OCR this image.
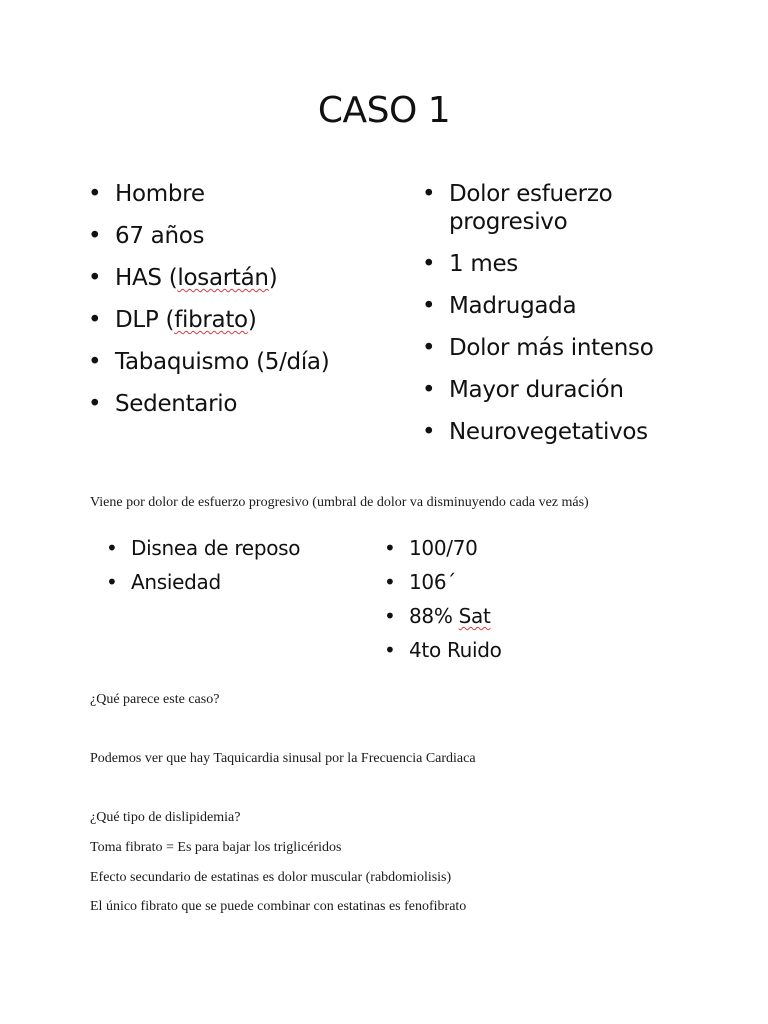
CASO 1
• Hombre
• 67 años
• HAS (losartán)
• DLP (fibrato)
• Tabaquismo (5/día)
• Sedentario
• Dolor esfuerzo progresivo
• 1 mes
• Madrugada
• Dolor más intenso
• Mayor duración
• Neurovegetativos
Viene por dolor de esfuerzo progresivo (umbral de dolor va disminuyendo cada vez más)
• Disnea de reposo
• Ansiedad
• 100/70
• 106´
• 88% Sat
• 4to Ruido
¿Qué parece este caso?
Podemos ver que hay Taquicardia sinusal por la Frecuencia Cardiaca
¿Qué tipo de dislipidemia?
Toma fibrato = Es para bajar los triglicéridos
Efecto secundario de estatinas es dolor muscular (rabdomiolisis)
El único fibrato que se puede combinar con estatinas es fenofibrato
